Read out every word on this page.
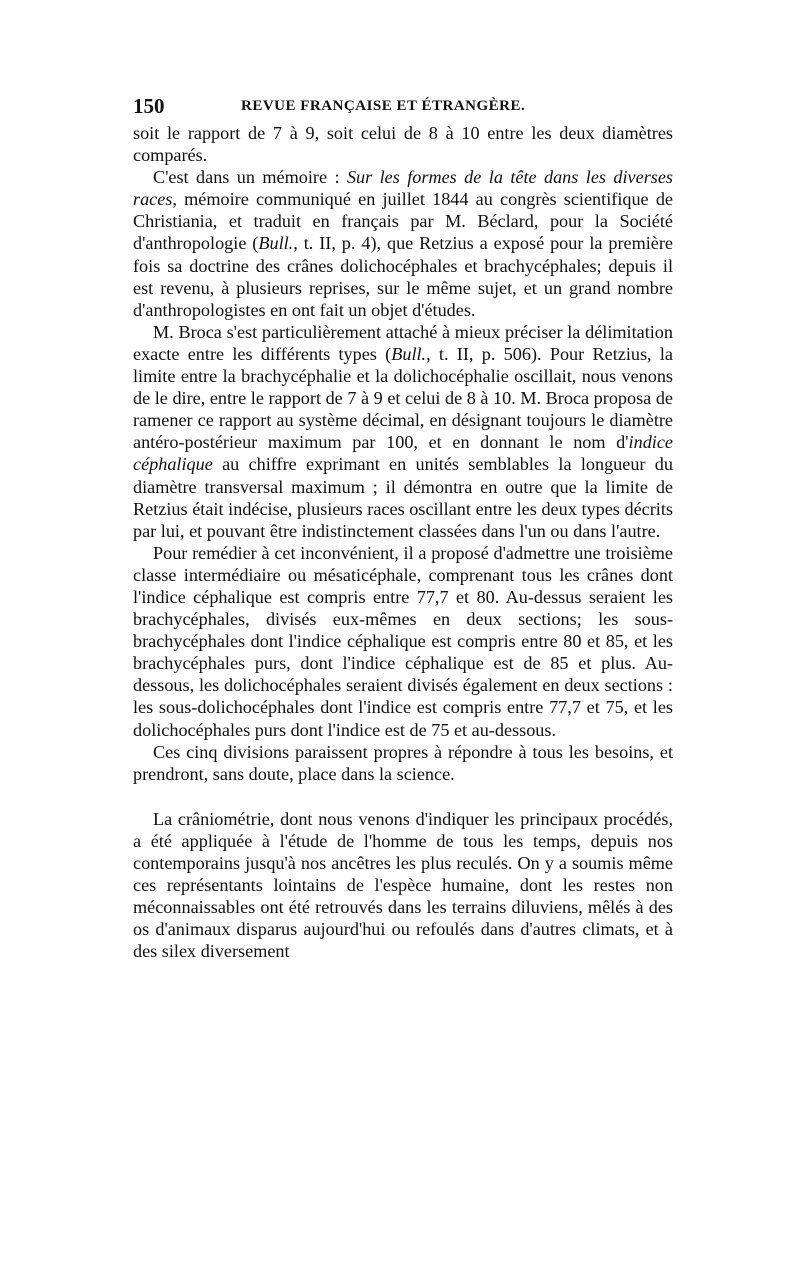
150	REVUE FRANÇAISE ET ÉTRANGÈRE.

soit le rapport de 7 à 9, soit celui de 8 à 10 entre les deux diamètres comparés.

C'est dans un mémoire : Sur les formes de la tête dans les diverses races, mémoire communiqué en juillet 1844 au congrès scientifique de Christiania, et traduit en français par M. Béclard, pour la Société d'anthropologie (Bull., t. II, p. 4), que Retzius a exposé pour la première fois sa doctrine des crânes dolichocéphales et brachycéphales; depuis il est revenu, à plusieurs reprises, sur le même sujet, et un grand nombre d'anthropologistes en ont fait un objet d'études.

M. Broca s'est particulièrement attaché à mieux préciser la délimitation exacte entre les différents types (Bull., t. II, p. 506). Pour Retzius, la limite entre la brachycéphalie et la dolichocéphalie oscillait, nous venons de le dire, entre le rapport de 7 à 9 et celui de 8 à 10. M. Broca proposa de ramener ce rapport au système décimal, en désignant toujours le diamètre antéro-postérieur maximum par 100, et en donnant le nom d'indice céphalique au chiffre exprimant en unités semblables la longueur du diamètre transversal maximum ; il démontra en outre que la limite de Retzius était indécise, plusieurs races oscillant entre les deux types décrits par lui, et pouvant être indistinctement classées dans l'un ou dans l'autre.

Pour remédier à cet inconvénient, il a proposé d'admettre une troisième classe intermédiaire ou mésaticéphale, comprenant tous les crânes dont l'indice céphalique est compris entre 77,7 et 80. Au-dessus seraient les brachycéphales, divisés eux-mêmes en deux sections; les sous-brachycéphales dont l'indice céphalique est compris entre 80 et 85, et les brachycéphales purs, dont l'indice céphalique est de 85 et plus. Au-dessous, les dolichocéphales seraient divisés également en deux sections : les sous-dolichocéphales dont l'indice est compris entre 77,7 et 75, et les dolichocéphales purs dont l'indice est de 75 et au-dessous.

Ces cinq divisions paraissent propres à répondre à tous les besoins, et prendront, sans doute, place dans la science.

La crâniométrie, dont nous venons d'indiquer les principaux procédés, a été appliquée à l'étude de l'homme de tous les temps, depuis nos contemporains jusqu'à nos ancêtres les plus reculés. On y a soumis même ces représentants lointains de l'espèce humaine, dont les restes non méconnaissables ont été retrouvés dans les terrains diluviens, mêlés à des os d'animaux disparus aujourd'hui ou refoulés dans d'autres climats, et à des silex diversement
